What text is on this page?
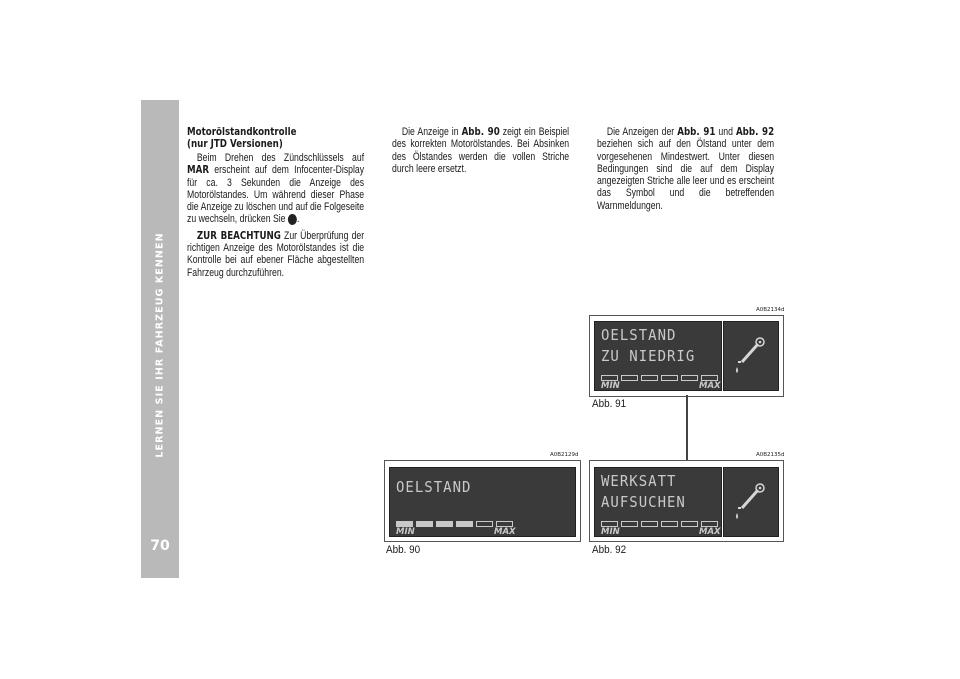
LERNEN SIE IHR FAHRZEUG KENNEN
70

Motorölstandkontrolle
(nur JTD Versionen)

Beim Drehen des Zündschlüssels auf MAR erscheint auf dem Infocenter-Display für ca. 3 Sekunden die Anzeige des Motorölstandes. Um während dieser Phase die Anzeige zu löschen und auf die Folgeseite zu wechseln, drücken Sie MENU.

ZUR BEACHTUNG Zur Überprüfung der richtigen Anzeige des Motorölstandes ist die Kontrolle bei auf ebener Fläche abgestellten Fahrzeug durchzuführen.

Die Anzeige in Abb. 90 zeigt ein Beispiel des korrekten Motorölstandes. Bei Absinken des Ölstandes werden die vollen Striche durch leere ersetzt.

Die Anzeigen der Abb. 91 und Abb. 92 beziehen sich auf den Ölstand unter dem vorgesehenen Mindestwert. Unter diesen Bedingungen sind die auf dem Display angezeigten Striche alle leer und es erscheint das Symbol und die betreffenden Warnmeldungen.

A0B2134d
OELSTAND
ZU NIEDRIG
MIN	MAX
Abb. 91
A0B2129d
OELSTAND
MIN	MAX
Abb. 90
A0B2135d
WERKSATT
AUFSUCHEN
MIN	MAX
Abb. 92
